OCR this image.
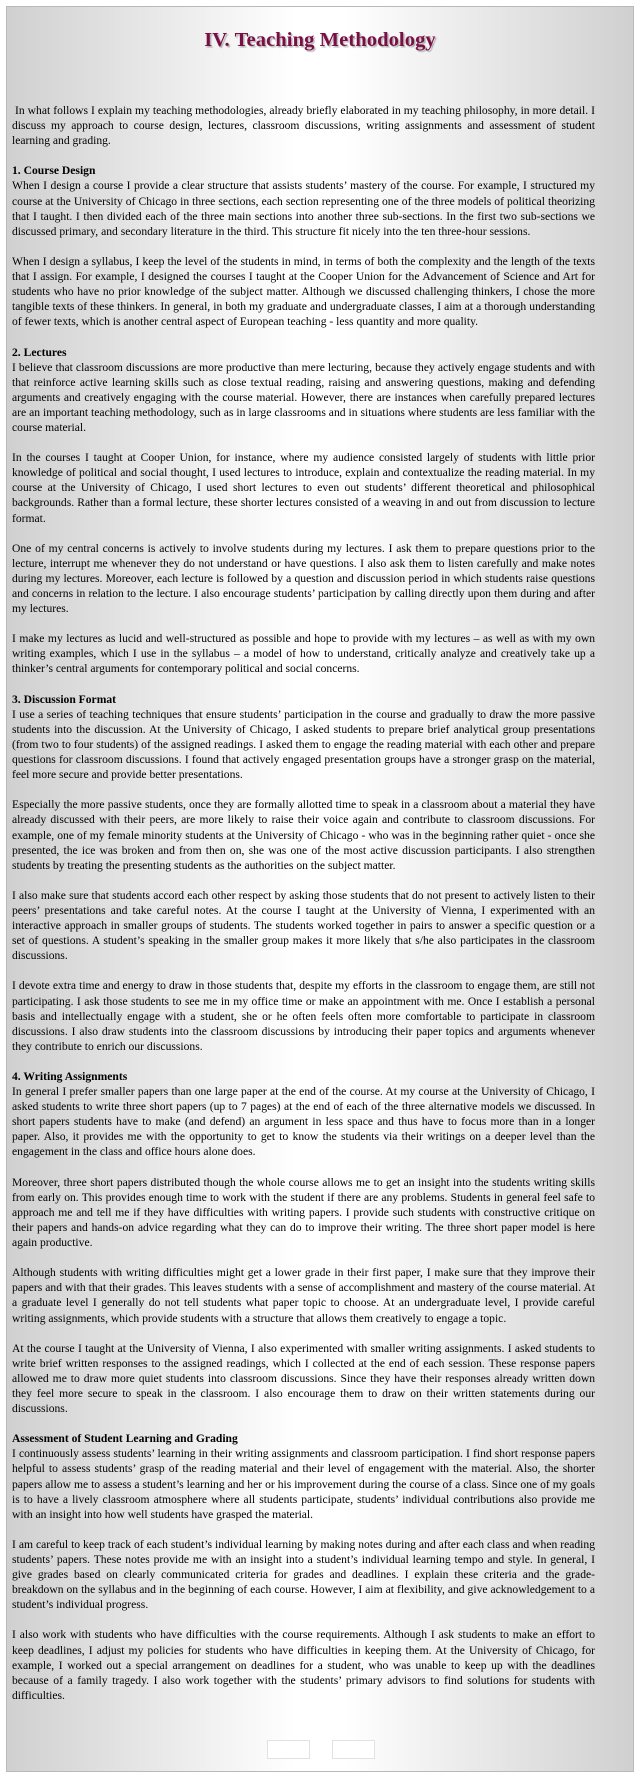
IV. Teaching Methodology

In what follows I explain my teaching methodologies, already briefly elaborated in my teaching philosophy, in more detail. I discuss my approach to course design, lectures, classroom discussions, writing assignments and assessment of student learning and grading.

1. Course Design

When I design a course I provide a clear structure that assists students’ mastery of the course. For example, I structured my course at the University of Chicago in three sections, each section representing one of the three models of political theorizing that I taught. I then divided each of the three main sections into another three sub-sections. In the first two sub-sections we discussed primary, and secondary literature in the third. This structure fit nicely into the ten three-hour sessions.

When I design a syllabus, I keep the level of the students in mind, in terms of both the complexity and the length of the texts that I assign. For example, I designed the courses I taught at the Cooper Union for the Advancement of Science and Art for students who have no prior knowledge of the subject matter. Although we discussed challenging thinkers, I chose the more tangible texts of these thinkers. In general, in both my graduate and undergraduate classes, I aim at a thorough understanding of fewer texts, which is another central aspect of European teaching - less quantity and more quality.

2. Lectures

I believe that classroom discussions are more productive than mere lecturing, because they actively engage students and with that reinforce active learning skills such as close textual reading, raising and answering questions, making and defending arguments and creatively engaging with the course material. However, there are instances when carefully prepared lectures are an important teaching methodology, such as in large classrooms and in situations where students are less familiar with the course material.

In the courses I taught at Cooper Union, for instance, where my audience consisted largely of students with little prior knowledge of political and social thought, I used lectures to introduce, explain and contextualize the reading material. In my course at the University of Chicago, I used short lectures to even out students’ different theoretical and philosophical backgrounds. Rather than a formal lecture, these shorter lectures consisted of a weaving in and out from discussion to lecture format.

One of my central concerns is actively to involve students during my lectures. I ask them to prepare questions prior to the lecture, interrupt me whenever they do not understand or have questions. I also ask them to listen carefully and make notes during my lectures. Moreover, each lecture is followed by a question and discussion period in which students raise questions and concerns in relation to the lecture. I also encourage students’ participation by calling directly upon them during and after my lectures.

I make my lectures as lucid and well-structured as possible and hope to provide with my lectures – as well as with my own writing examples, which I use in the syllabus – a model of how to understand, critically analyze and creatively take up a thinker’s central arguments for contemporary political and social concerns.

3. Discussion Format

I use a series of teaching techniques that ensure students’ participation in the course and gradually to draw the more passive students into the discussion. At the University of Chicago, I asked students to prepare brief analytical group presentations (from two to four students) of the assigned readings. I asked them to engage the reading material with each other and prepare questions for classroom discussions. I found that actively engaged presentation groups have a stronger grasp on the material, feel more secure and provide better presentations.

Especially the more passive students, once they are formally allotted time to speak in a classroom about a material they have already discussed with their peers, are more likely to raise their voice again and contribute to classroom discussions. For example, one of my female minority students at the University of Chicago - who was in the beginning rather quiet - once she presented, the ice was broken and from then on, she was one of the most active discussion participants. I also strengthen students by treating the presenting students as the authorities on the subject matter.

I also make sure that students accord each other respect by asking those students that do not present to actively listen to their peers’ presentations and take careful notes. At the course I taught at the University of Vienna, I experimented with an interactive approach in smaller groups of students. The students worked together in pairs to answer a specific question or a set of questions. A student’s speaking in the smaller group makes it more likely that s/he also participates in the classroom discussions.

I devote extra time and energy to draw in those students that, despite my efforts in the classroom to engage them, are still not participating. I ask those students to see me in my office time or make an appointment with me. Once I establish a personal basis and intellectually engage with a student, she or he often feels often more comfortable to participate in classroom discussions. I also draw students into the classroom discussions by introducing their paper topics and arguments whenever they contribute to enrich our discussions.

4. Writing Assignments

In general I prefer smaller papers than one large paper at the end of the course. At my course at the University of Chicago, I asked students to write three short papers (up to 7 pages) at the end of each of the three alternative models we discussed. In short papers students have to make (and defend) an argument in less space and thus have to focus more than in a longer paper. Also, it provides me with the opportunity to get to know the students via their writings on a deeper level than the engagement in the class and office hours alone does.

Moreover, three short papers distributed though the whole course allows me to get an insight into the students writing skills from early on. This provides enough time to work with the student if there are any problems. Students in general feel safe to approach me and tell me if they have difficulties with writing papers. I provide such students with constructive critique on their papers and hands-on advice regarding what they can do to improve their writing. The three short paper model is here again productive.

Although students with writing difficulties might get a lower grade in their first paper, I make sure that they improve their papers and with that their grades. This leaves students with a sense of accomplishment and mastery of the course material. At a graduate level I generally do not tell students what paper topic to choose. At an undergraduate level, I provide careful writing assignments, which provide students with a structure that allows them creatively to engage a topic.

At the course I taught at the University of Vienna, I also experimented with smaller writing assignments. I asked students to write brief written responses to the assigned readings, which I collected at the end of each session. These response papers allowed me to draw more quiet students into classroom discussions. Since they have their responses already written down they feel more secure to speak in the classroom. I also encourage them to draw on their written statements during our discussions.

Assessment of Student Learning and Grading

I continuously assess students’ learning in their writing assignments and classroom participation. I find short response papers helpful to assess students’ grasp of the reading material and their level of engagement with the material. Also, the shorter papers allow me to assess a student’s learning and her or his improvement during the course of a class. Since one of my goals is to have a lively classroom atmosphere where all students participate, students’ individual contributions also provide me with an insight into how well students have grasped the material.

I am careful to keep track of each student’s individual learning by making notes during and after each class and when reading students’ papers. These notes provide me with an insight into a student’s individual learning tempo and style. In general, I give grades based on clearly communicated criteria for grades and deadlines. I explain these criteria and the grade-breakdown on the syllabus and in the beginning of each course. However, I aim at flexibility, and give acknowledgement to a student’s individual progress.

I also work with students who have difficulties with the course requirements. Although I ask students to make an effort to keep deadlines, I adjust my policies for students who have difficulties in keeping them. At the University of Chicago, for example, I worked out a special arrangement on deadlines for a student, who was unable to keep up with the deadlines because of a family tragedy. I also work together with the students’ primary advisors to find solutions for students with difficulties.
